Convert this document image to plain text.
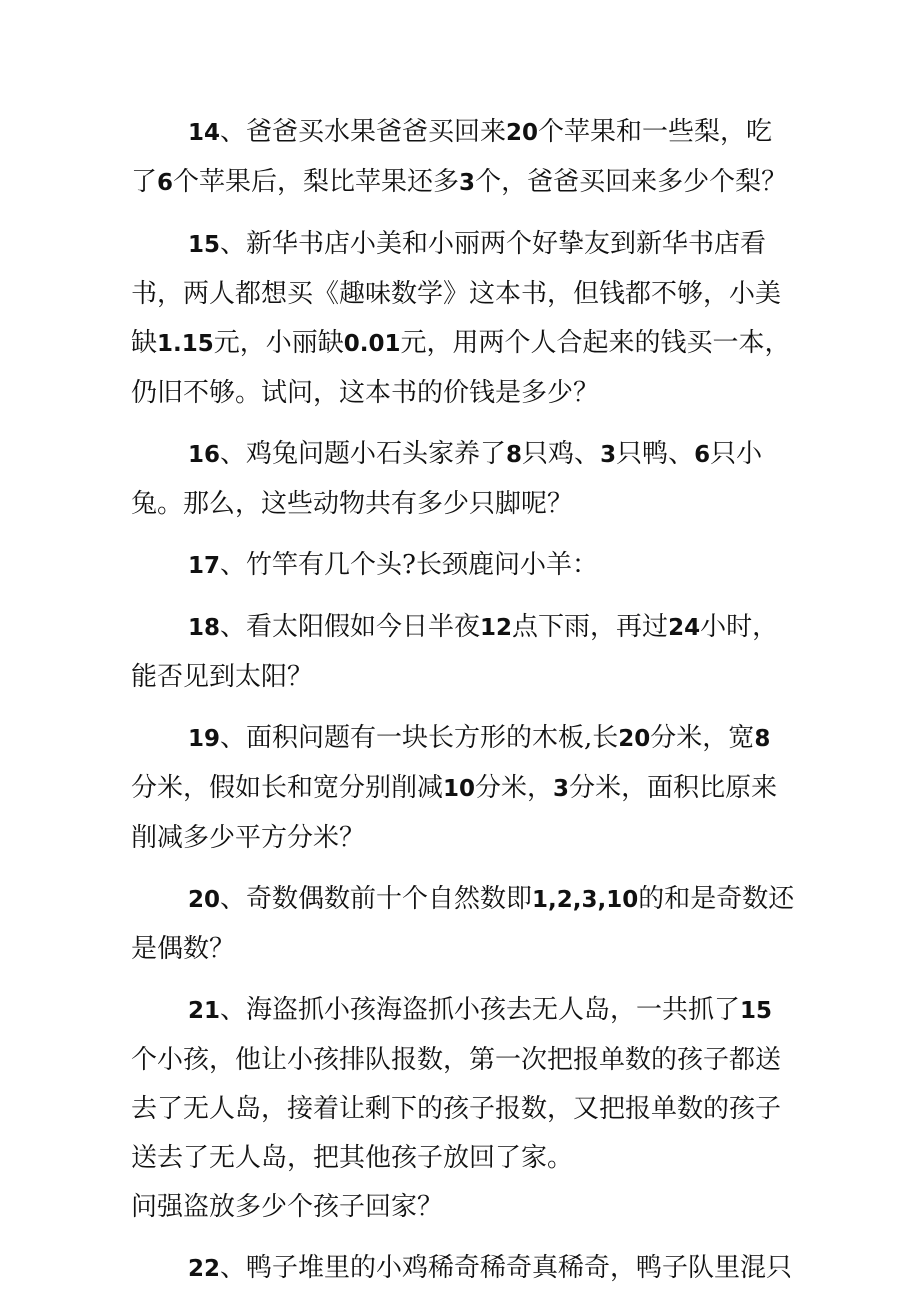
14、爸爸买水果爸爸买回来20个苹果和一些梨，吃了6个苹果后，梨比苹果还多3个，爸爸买回来多少个梨？

15、新华书店小美和小丽两个好挚友到新华书店看书，两人都想买《趣味数学》这本书，但钱都不够，小美缺1.15元，小丽缺0.01元，用两个人合起来的钱买一本，仍旧不够。试问，这本书的价钱是多少？

16、鸡兔问题小石头家养了8只鸡、3只鸭、6只小兔。那么，这些动物共有多少只脚呢？

17、竹竿有几个头?长颈鹿问小羊：

18、看太阳假如今日半夜12点下雨，再过24小时，能否见到太阳？

19、面积问题有一块长方形的木板,长20分米，宽8分米，假如长和宽分别削减10分米，3分米，面积比原来削减多少平方分米？

20、奇数偶数前十个自然数即1,2,3,10的和是奇数还是偶数？

21、海盗抓小孩海盗抓小孩去无人岛，一共抓了15个小孩，他让小孩排队报数，第一次把报单数的孩子都送去了无人岛，接着让剩下的孩子报数，又把报单数的孩子送去了无人岛，把其他孩子放回了家。

问强盗放多少个孩子回家？

22、鸭子堆里的小鸡稀奇稀奇真稀奇，鸭子队里混只
